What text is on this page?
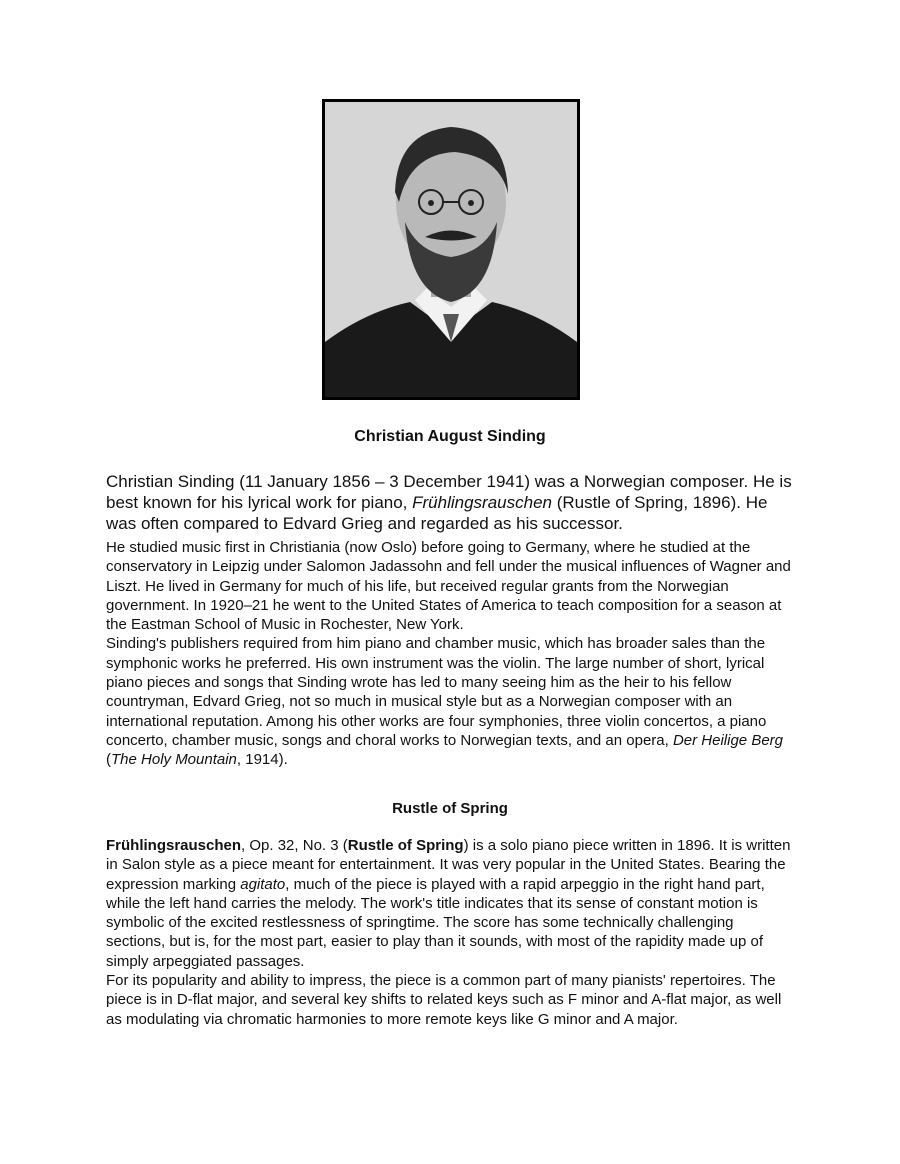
Christian August Sinding

Christian Sinding (11 January 1856 – 3 December 1941) was a Norwegian composer. He is best known for his lyrical work for piano, Frühlingsrauschen (Rustle of Spring, 1896). He was often compared to Edvard Grieg and regarded as his successor.

He studied music first in Christiania (now Oslo) before going to Germany, where he studied at the conservatory in Leipzig under Salomon Jadassohn and fell under the musical influences of Wagner and Liszt. He lived in Germany for much of his life, but received regular grants from the Norwegian government. In 1920–21 he went to the United States of America to teach composition for a season at the Eastman School of Music in Rochester, New York.

Sinding's publishers required from him piano and chamber music, which has broader sales than the symphonic works he preferred. His own instrument was the violin. The large number of short, lyrical piano pieces and songs that Sinding wrote has led to many seeing him as the heir to his fellow countryman, Edvard Grieg, not so much in musical style but as a Norwegian composer with an international reputation. Among his other works are four symphonies, three violin concertos, a piano concerto, chamber music, songs and choral works to Norwegian texts, and an opera, Der Heilige Berg (The Holy Mountain, 1914).

Rustle of Spring

Frühlingsrauschen, Op. 32, No. 3 (Rustle of Spring) is a solo piano piece written in 1896. It is written in Salon style as a piece meant for entertainment. It was very popular in the United States. Bearing the expression marking agitato, much of the piece is played with a rapid arpeggio in the right hand part, while the left hand carries the melody. The work's title indicates that its sense of constant motion is symbolic of the excited restlessness of springtime. The score has some technically challenging sections, but is, for the most part, easier to play than it sounds, with most of the rapidity made up of simply arpeggiated passages.

For its popularity and ability to impress, the piece is a common part of many pianists' repertoires. The piece is in D-flat major, and several key shifts to related keys such as F minor and A-flat major, as well as modulating via chromatic harmonies to more remote keys like G minor and A major.
